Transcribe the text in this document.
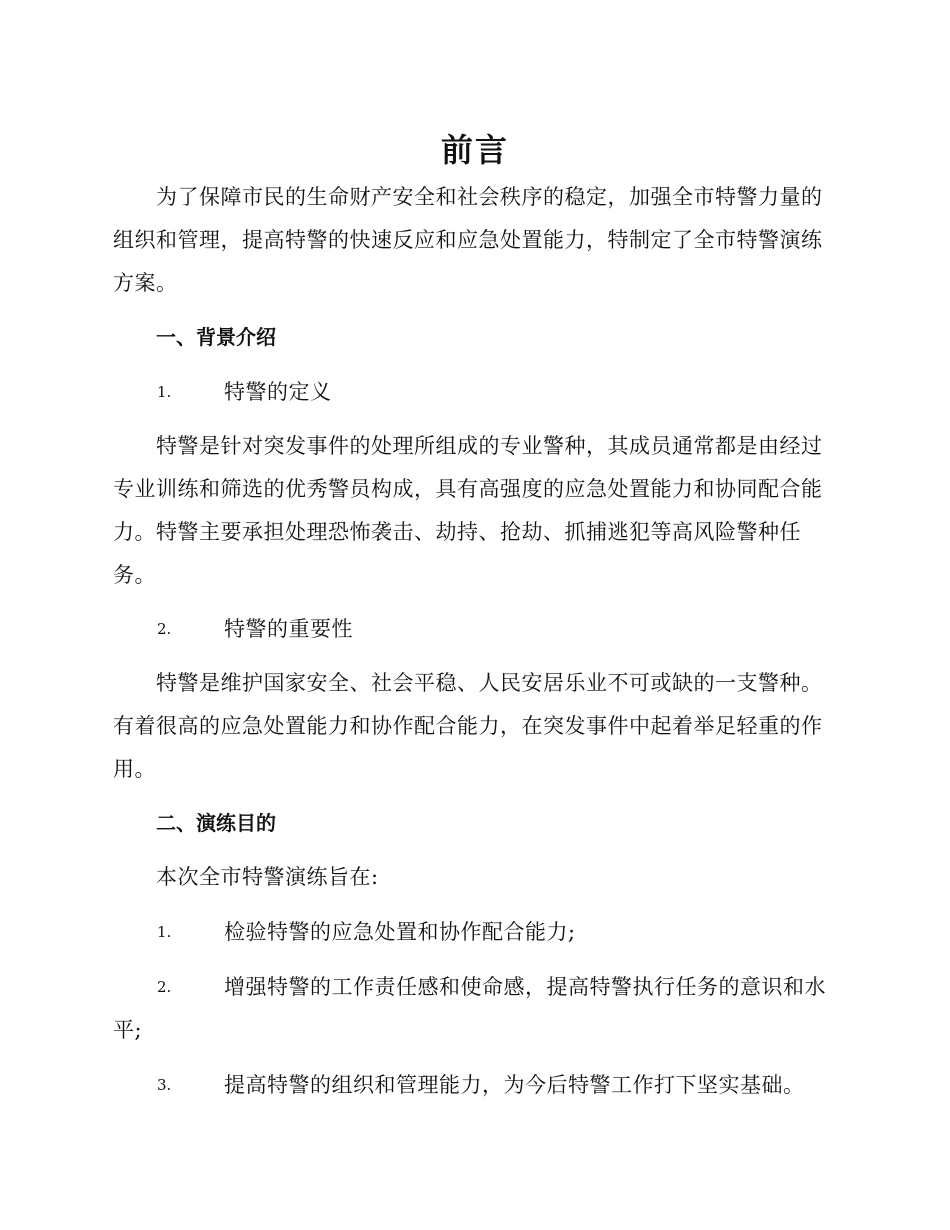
前言

为了保障市民的生命财产安全和社会秩序的稳定，加强全市特警力量的组织和管理，提高特警的快速反应和应急处置能力，特制定了全市特警演练方案。

一、背景介绍
1.	特警的定义

特警是针对突发事件的处理所组成的专业警种，其成员通常都是由经过专业训练和筛选的优秀警员构成，具有高强度的应急处置能力和协同配合能力。特警主要承担处理恐怖袭击、劫持、抢劫、抓捕逃犯等高风险警种任务。

2.	特警的重要性

特警是维护国家安全、社会平稳、人民安居乐业不可或缺的一支警种。有着很高的应急处置能力和协作配合能力，在突发事件中起着举足轻重的作用。

二、演练目的

本次全市特警演练旨在:

1.	检验特警的应急处置和协作配合能力;
2.	增强特警的工作责任感和使命感，提高特警执行任务的意识和水平;
3.	提高特警的组织和管理能力，为今后特警工作打下坚实基础。
